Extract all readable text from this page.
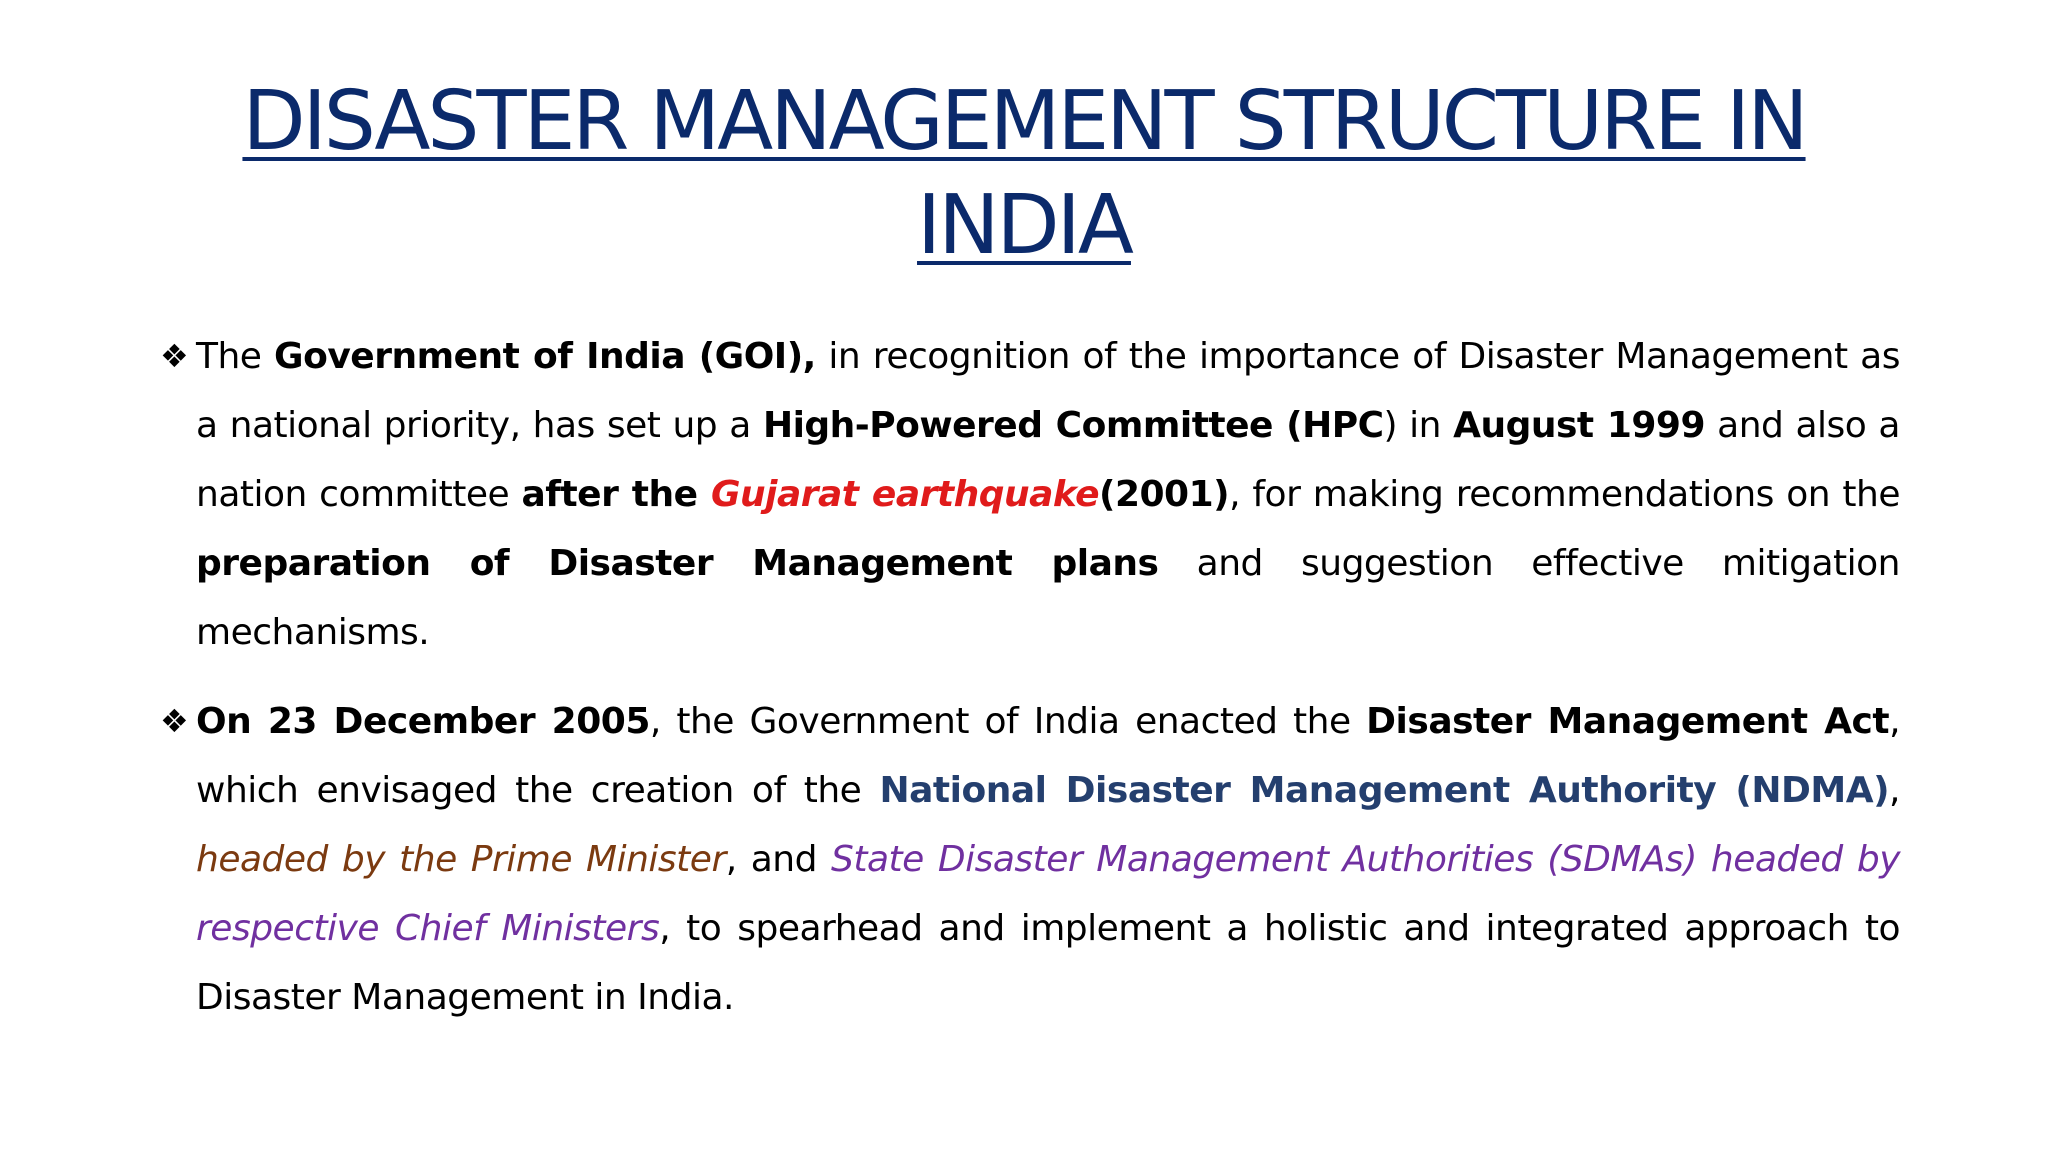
DISASTER MANAGEMENT STRUCTURE IN
INDIA
❖ The Government of India (GOI), in recognition of the importance of Disaster Management as a national priority, has set up a High-Powered Committee (HPC) in August 1999 and also a nation committee after the Gujarat earthquake(2001), for making recommendations on the preparation of Disaster Management plans and suggestion effective mitigation mechanisms.
❖ On 23 December 2005, the Government of India enacted the Disaster Management Act, which envisaged the creation of the National Disaster Management Authority (NDMA), headed by the Prime Minister, and State Disaster Management Authorities (SDMAs) headed by respective Chief Ministers, to spearhead and implement a holistic and integrated approach to Disaster Management in India.
